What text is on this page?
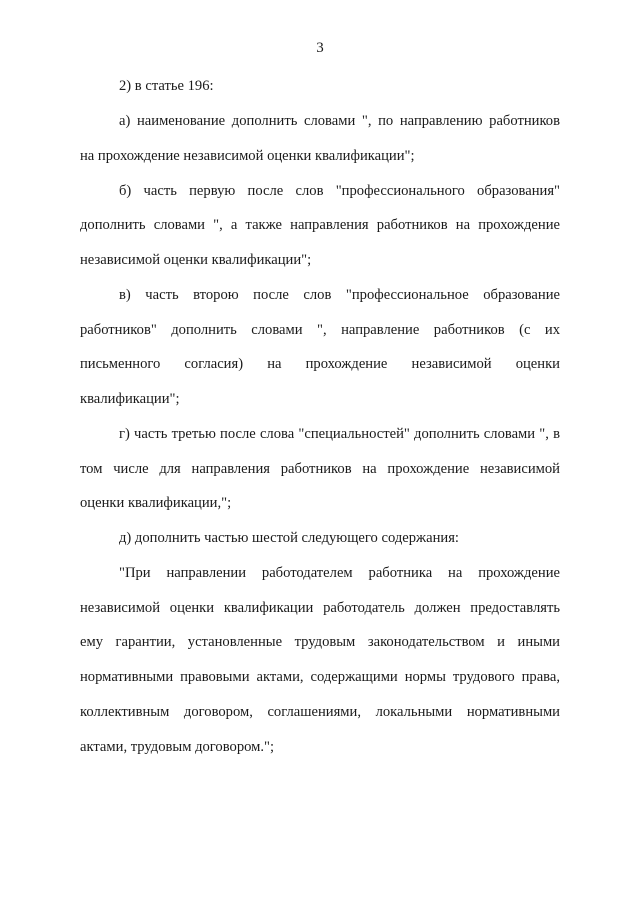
3
2) в статье 196:
а) наименование дополнить словами ", по направлению работников
на прохождение независимой оценки квалификации";
б) часть первую после слов "профессионального образования"
дополнить словами ", а также направления работников на прохождение
независимой оценки квалификации";
в) часть второю после слов "профессиональное образование
работников" дополнить словами ", направление работников (с их
письменного согласия) на прохождение независимой оценки
квалификации";
г) часть третью после слова "специальностей" дополнить словами ", в
том числе для направления работников на прохождение независимой
оценки квалификации,";
д) дополнить частью шестой следующего содержания:
"При направлении работодателем работника на прохождение
независимой оценки квалификации работодатель должен предоставлять
ему гарантии, установленные трудовым законодательством и иными
нормативными правовыми актами, содержащими нормы трудового права,
коллективным договором, соглашениями, локальными нормативными
актами, трудовым договором.";
